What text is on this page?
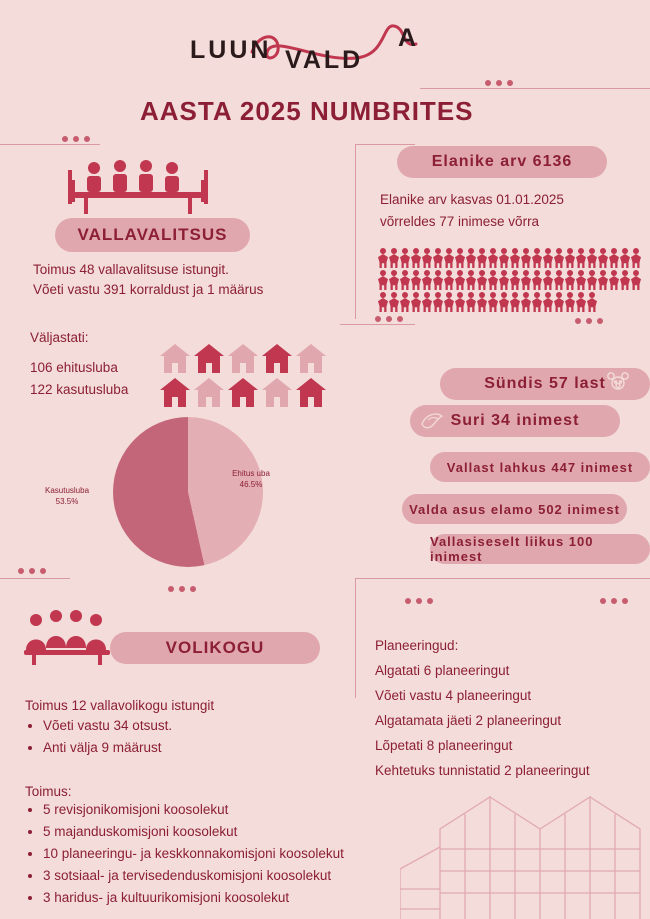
LUUN VALD
A
AASTA 2025 NUMBRITES
VALLAVALITSUS
Toimus 48 vallavalitsuse istungit.
Võeti vastu 391 korraldust ja 1 määrus
Väljastati:
106 ehitusluba
122 kasutusluba
Ehitus uba
46.5%
Kasutusluba
53.5%
Elanike arv 6136
Elanike arv kasvas 01.01.2025
võrreldes 77 inimese võrra
Sündis 57 last
Suri 34 inimest
Vallast lahkus 447 inimest
Valda asus elamo 502 inimest
Vallasiseselt liikus 100 inimest
VOLIKOGU
Toimus 12 vallavolikogu istungit
• Võeti vastu 34 otsust.
• Anti välja 9 määrust
Toimus:
• 5 revisjonikomisjoni koosolekut
• 5 majanduskomisjoni koosolekut
• 10 planeeringu- ja keskkonnakomisjoni koosolekut
• 3 sotsiaal- ja tervisedenduskomisjoni koosolekut
• 3 haridus- ja kultuurikomisjoni koosolekut
Planeeringud:
Algatati 6 planeeringut
Võeti vastu 4 planeeringut
Algatamata jäeti 2 planeeringut
Lõpetati 8 planeeringut
Kehtetuks tunnistatid 2 planeeringut
